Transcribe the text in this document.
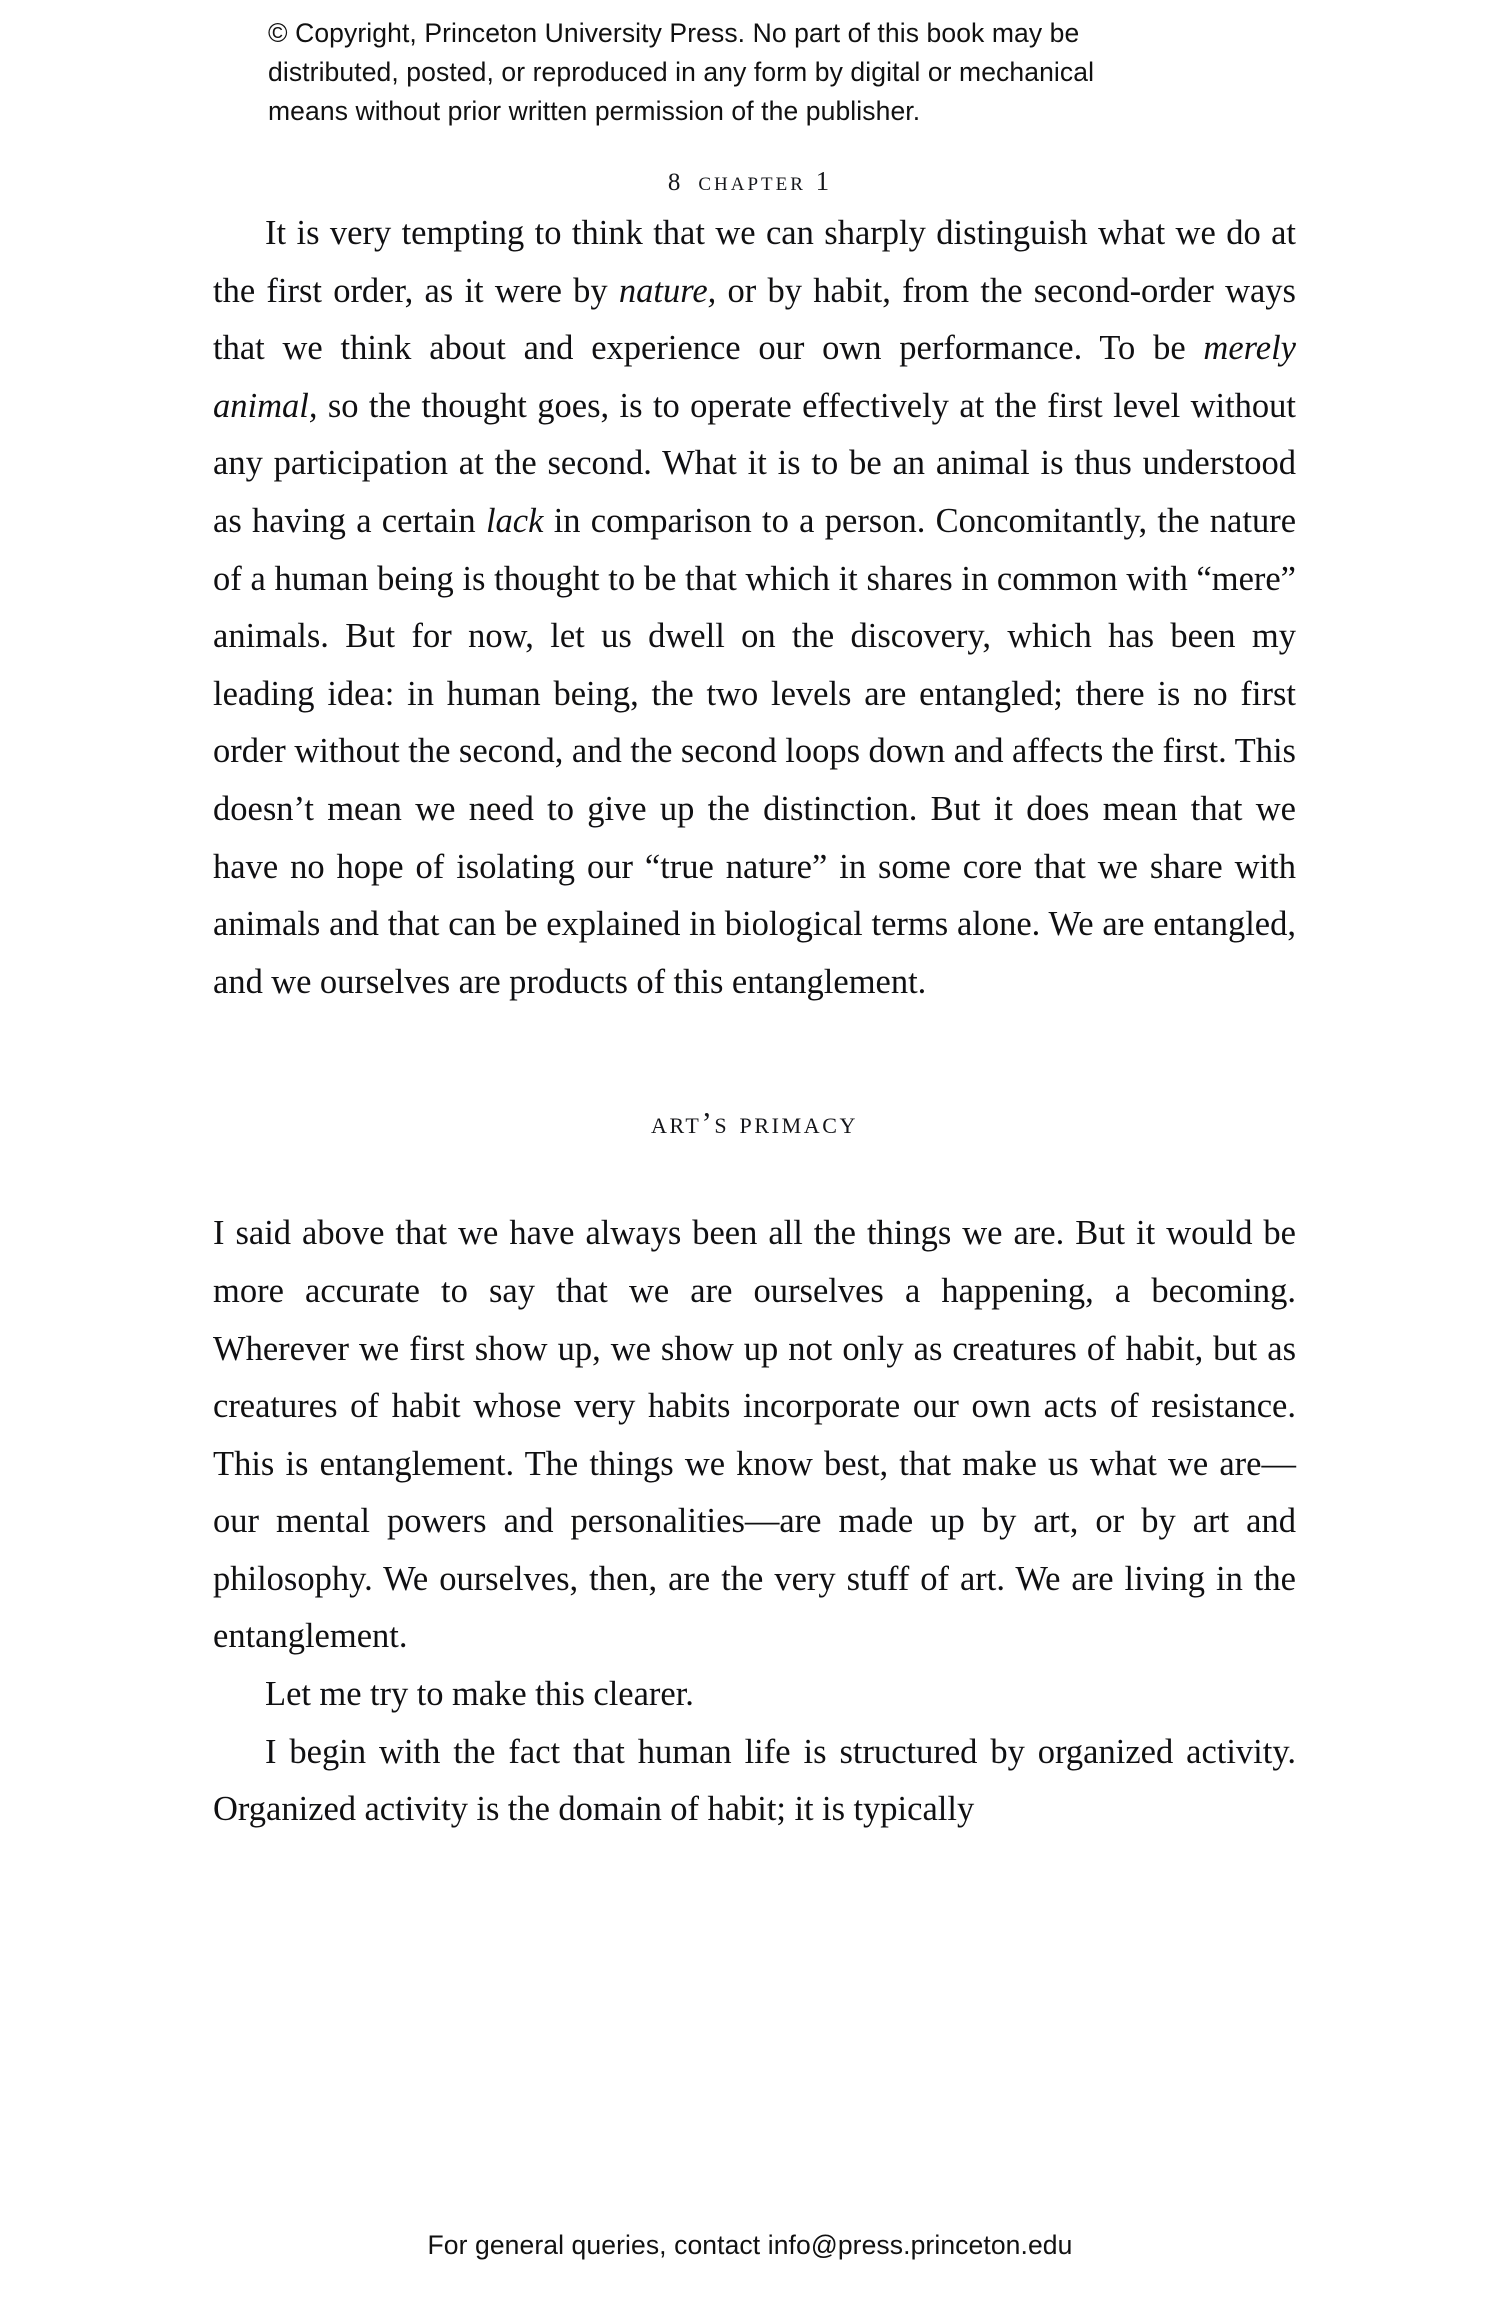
© Copyright, Princeton University Press. No part of this book may be
distributed, posted, or reproduced in any form by digital or mechanical
means without prior written permission of the publisher.
8 chapter 1

It is very tempting to think that we can sharply distinguish what we do at the first order, as it were by nature, or by habit, from the second-order ways that we think about and experience our own performance. To be merely animal, so the thought goes, is to operate effectively at the first level without any participation at the second. What it is to be an animal is thus understood as having a certain lack in comparison to a person. Concomitantly, the nature of a human being is thought to be that which it shares in common with “mere” animals. But for now, let us dwell on the discovery, which has been my leading idea: in human being, the two levels are entangled; there is no first order without the second, and the second loops down and affects the first. This doesn’t mean we need to give up the distinction. But it does mean that we have no hope of isolating our “true nature” in some core that we share with animals and that can be explained in biological terms alone. We are entangled, and we ourselves are products of this entanglement.

art’s primacy

I said above that we have always been all the things we are. But it would be more accurate to say that we are ourselves a happening, a becoming. Wherever we first show up, we show up not only as creatures of habit, but as creatures of habit whose very habits incorporate our own acts of resistance. This is entanglement. The things we know best, that make us what we are—our mental powers and personalities—are made up by art, or by art and philosophy. We ourselves, then, are the very stuff of art. We are living in the entanglement.

Let me try to make this clearer.

I begin with the fact that human life is structured by organized activity. Organized activity is the domain of habit; it is typically

For general queries, contact info@press.princeton.edu
